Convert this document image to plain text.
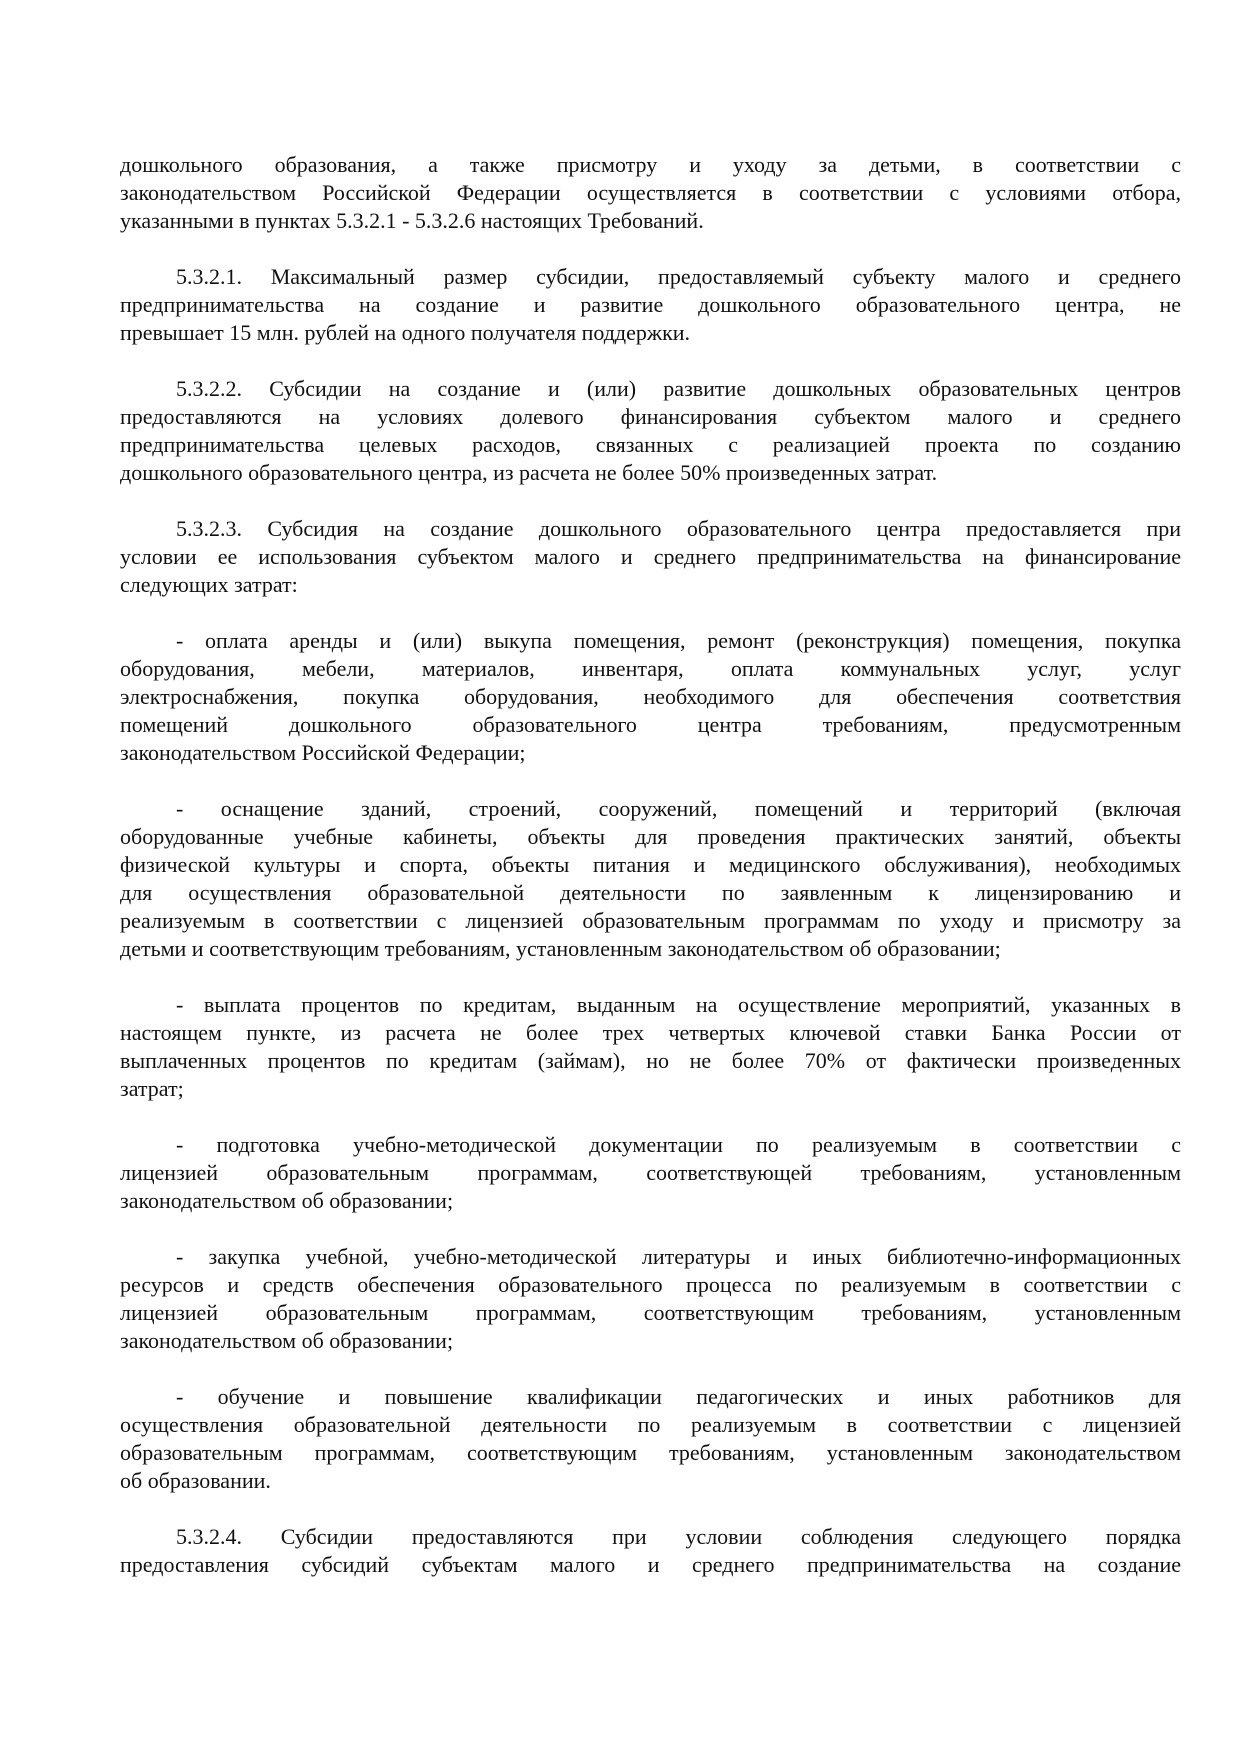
дошкольного образования, а также присмотру и уходу за детьми, в соответствии с
законодательством Российской Федерации осуществляется в соответствии с условиями отбора,
указанными в пунктах 5.3.2.1 - 5.3.2.6 настоящих Требований.
5.3.2.1. Максимальный размер субсидии, предоставляемый субъекту малого и среднего
предпринимательства на создание и развитие дошкольного образовательного центра, не
превышает 15 млн. рублей на одного получателя поддержки.
5.3.2.2. Субсидии на создание и (или) развитие дошкольных образовательных центров
предоставляются на условиях долевого финансирования субъектом малого и среднего
предпринимательства целевых расходов, связанных с реализацией проекта по созданию
дошкольного образовательного центра, из расчета не более 50% произведенных затрат.
5.3.2.3. Субсидия на создание дошкольного образовательного центра предоставляется при
условии ее использования субъектом малого и среднего предпринимательства на финансирование
следующих затрат:
- оплата аренды и (или) выкупа помещения, ремонт (реконструкция) помещения, покупка
оборудования, мебели, материалов, инвентаря, оплата коммунальных услуг, услуг
электроснабжения, покупка оборудования, необходимого для обеспечения соответствия
помещений дошкольного образовательного центра требованиям, предусмотренным
законодательством Российской Федерации;
- оснащение зданий, строений, сооружений, помещений и территорий (включая
оборудованные учебные кабинеты, объекты для проведения практических занятий, объекты
физической культуры и спорта, объекты питания и медицинского обслуживания), необходимых
для осуществления образовательной деятельности по заявленным к лицензированию и
реализуемым в соответствии с лицензией образовательным программам по уходу и присмотру за
детьми и соответствующим требованиям, установленным законодательством об образовании;
- выплата процентов по кредитам, выданным на осуществление мероприятий, указанных в
настоящем пункте, из расчета не более трех четвертых ключевой ставки Банка России от
выплаченных процентов по кредитам (займам), но не более 70% от фактически произведенных
затрат;
- подготовка учебно-методической документации по реализуемым в соответствии с
лицензией образовательным программам, соответствующей требованиям, установленным
законодательством об образовании;
- закупка учебной, учебно-методической литературы и иных библиотечно-информационных
ресурсов и средств обеспечения образовательного процесса по реализуемым в соответствии с
лицензией образовательным программам, соответствующим требованиям, установленным
законодательством об образовании;
- обучение и повышение квалификации педагогических и иных работников для
осуществления образовательной деятельности по реализуемым в соответствии с лицензией
образовательным программам, соответствующим требованиям, установленным законодательством
об образовании.
5.3.2.4. Субсидии предоставляются при условии соблюдения следующего порядка
предоставления субсидий субъектам малого и среднего предпринимательства на создание
